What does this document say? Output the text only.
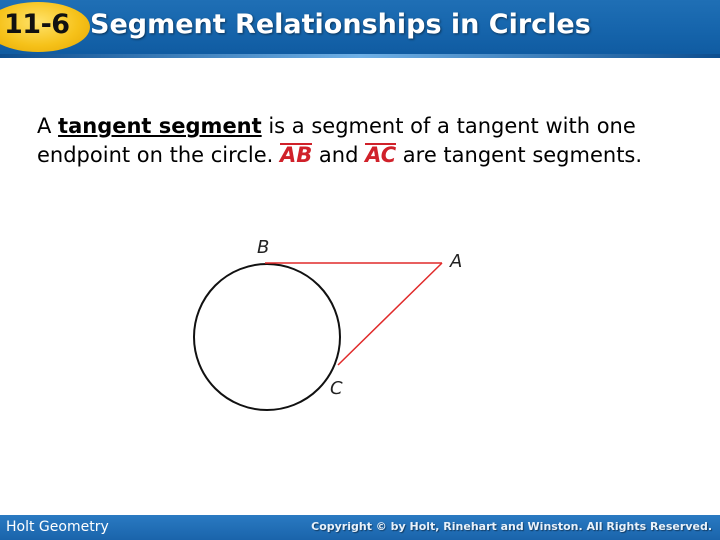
11-6 Segment Relationships in Circles
A tangent segment is a segment of a tangent with one endpoint on the circle. AB and AC are tangent segments.
B
A
C
Holt Geometry	Copyright © by Holt, Rinehart and Winston. All Rights Reserved.
